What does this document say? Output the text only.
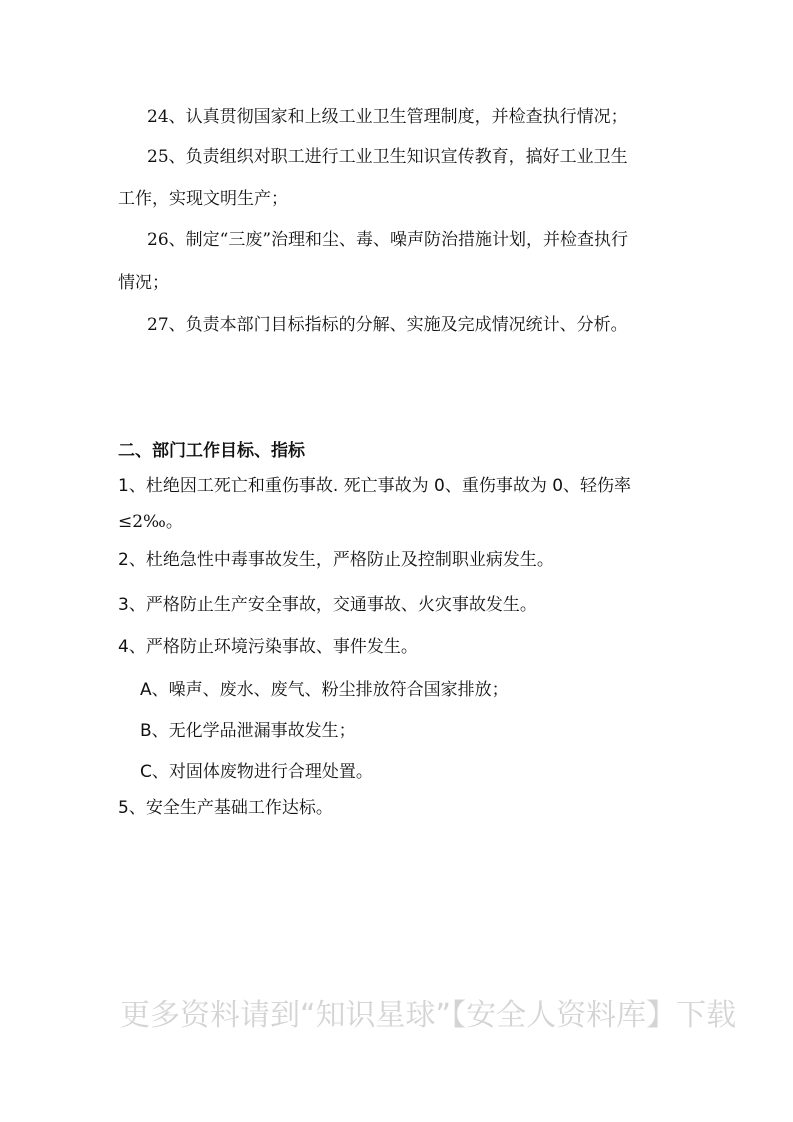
24、认真贯彻国家和上级工业卫生管理制度，并检查执行情况；
25、负责组织对职工进行工业卫生知识宣传教育，搞好工业卫生
工作，实现文明生产；
26、制定“三废”治理和尘、毒、噪声防治措施计划，并检查执行
情况；
27、负责本部门目标指标的分解、实施及完成情况统计、分析。
二、部门工作目标、指标
1、杜绝因工死亡和重伤事故. 死亡事故为 0、重伤事故为 0、轻伤率
≤2‰。
2、杜绝急性中毒事故发生，严格防止及控制职业病发生。
3、严格防止生产安全事故，交通事故、火灾事故发生。
4、严格防止环境污染事故、事件发生。
A、噪声、废水、废气、粉尘排放符合国家排放；
B、无化学品泄漏事故发生；
C、对固体废物进行合理处置。
5、安全生产基础工作达标。
更多资料请到“知识星球”【安全人资料库】下载
